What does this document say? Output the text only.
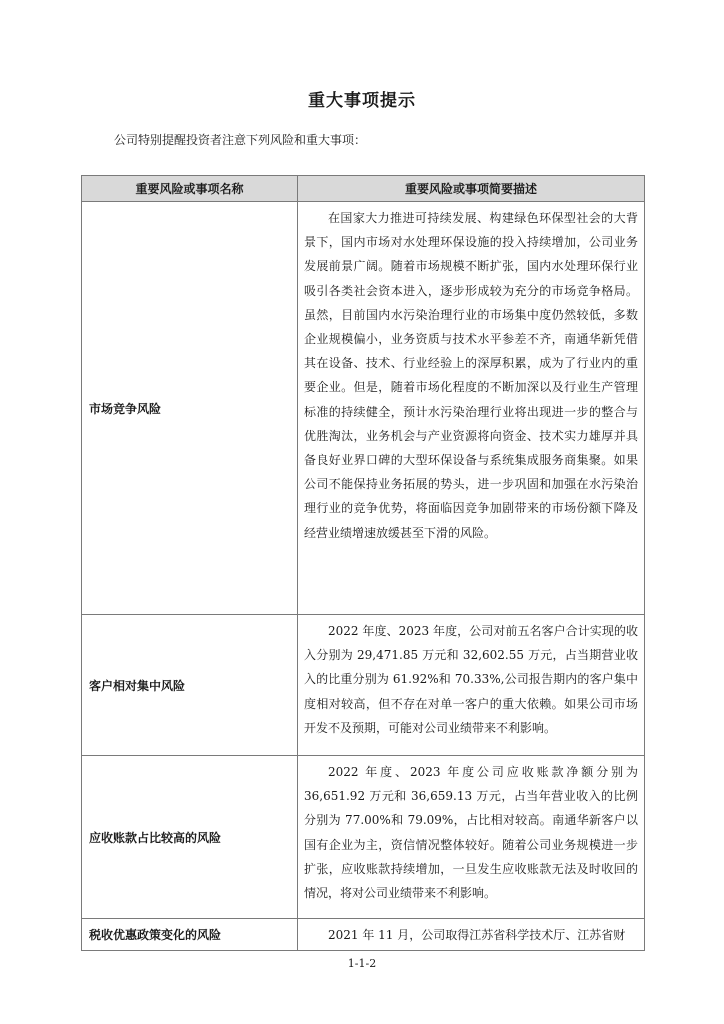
重大事项提示
公司特别提醒投资者注意下列风险和重大事项：
重要风险或事项名称	重要风险或事项简要描述
市场竞争风险	在国家大力推进可持续发展、构建绿色环保型社会的大背景下，国内市场对水处理环保设施的投入持续增加，公司业务发展前景广阔。随着市场规模不断扩张，国内水处理环保行业吸引各类社会资本进入，逐步形成较为充分的市场竞争格局。虽然，目前国内水污染治理行业的市场集中度仍然较低，多数企业规模偏小，业务资质与技术水平参差不齐，南通华新凭借其在设备、技术、行业经验上的深厚积累，成为了行业内的重要企业。但是，随着市场化程度的不断加深以及行业生产管理标准的持续健全，预计水污染治理行业将出现进一步的整合与优胜淘汰，业务机会与产业资源将向资金、技术实力雄厚并具备良好业界口碑的大型环保设备与系统集成服务商集聚。如果公司不能保持业务拓展的势头，进一步巩固和加强在水污染治理行业的竞争优势，将面临因竞争加剧带来的市场份额下降及经营业绩增速放缓甚至下滑的风险。

客户相对集中风险	2022 年度、2023 年度，公司对前五名客户合计实现的收入分别为 29,471.85 万元和 32,602.55 万元，占当期营业收入的比重分别为 61.92%和 70.33%,公司报告期内的客户集中度相对较高，但不存在对单一客户的重大依赖。如果公司市场开发不及预期，可能对公司业绩带来不利影响。

应收账款占比较高的风险	2022 年度、2023 年度公司应收账款净额分别为 36,651.92 万元和 36,659.13 万元，占当年营业收入的比例分别为 77.00%和 79.09%，占比相对较高。南通华新客户以国有企业为主，资信情况整体较好。随着公司业务规模进一步扩张，应收账款持续增加，一旦发生应收账款无法及时收回的情况，将对公司业绩带来不利影响。

税收优惠政策变化的风险	2021 年 11 月，公司取得江苏省科学技术厅、江苏省财

1-1-2
